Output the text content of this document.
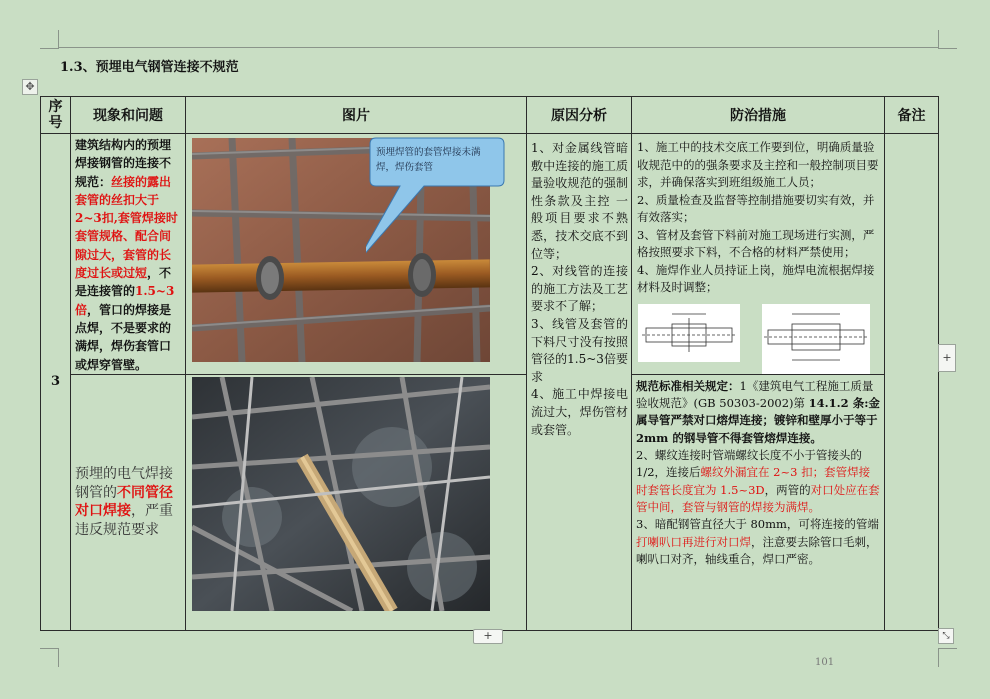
1.3、预埋电气钢管连接不规范
✥
序号	现象和问题	图片	原因分析	防治措施	备注
3	建筑结构内的预埋焊接钢管的连接不规范：丝接的露出套管的丝扣大于2~3扣,套管焊接时套管规格、配合间隙过大，套管的长度过长或过短，不是连接管的1.5~3倍，管口的焊接是点焊，不是要求的满焊，焊伤套管口或焊穿管壁。	预埋焊管的套管焊接未满焊，焊伤套管	1、对金属线管暗敷中连接的施工质量验收规范的强制性条款及主控 一般项目要求不熟悉，技术交底不到位等；
2、对线管的连接的施工方法及工艺要求不了解；
3、线管及套管的下料尺寸没有按照管径的1.5~3倍要求
4、施工中焊接电流过大，焊伤管材或套管。	1、施工中的技术交底工作要到位，明确质量验收规范中的的强条要求及主控和一般控制项目要求，并确保落实到班组级施工人员；
2、质量检查及监督等控制措施要切实有效，并有效落实；
3、管材及套管下料前对施工现场进行实测，严格按照要求下料，不合格的材料严禁使用；
4、施焊作业人员持证上岗，施焊电流根据焊接材料及时调整；	

	预埋的电气焊接钢管的不同管径对口焊接，严重违反规范要求			规范标准相关规定：1《建筑电气工程施工质量验收规范》(GB 50303-2002)第 14.1.2 条:金属导管严禁对口熔焊连接；镀锌和壁厚小于等于 2mm 的钢导管不得套管熔焊连接。
2、螺纹连接时管端螺纹长度不小于管接头的 1/2，连接后螺纹外漏宜在 2~3 扣；套管焊接时套管长度宜为 1.5~3D，两管的对口处应在套管中间，套管与钢管的焊接为满焊。
3、暗配钢管直径大于 80mm，可将连接的管端打喇叭口再进行对口焊，注意要去除管口毛刺，喇叭口对齐，轴线重合，焊口严密。	
+
+
⤡
101
